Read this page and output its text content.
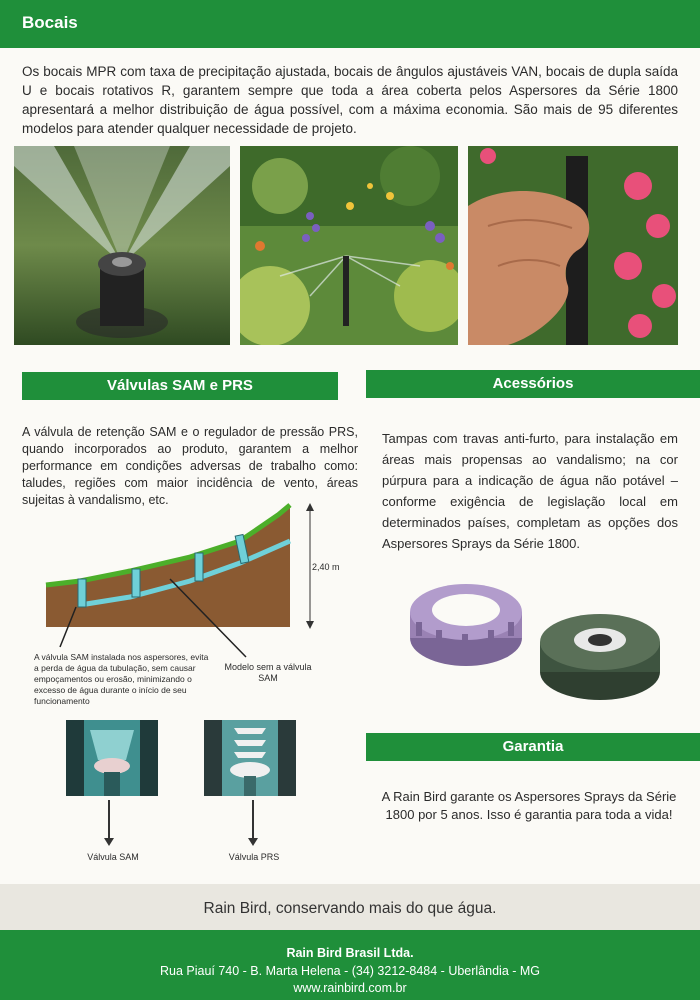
Bocais

Os bocais MPR com taxa de precipitação ajustada, bocais de ângulos ajustáveis VAN, bocais de dupla saída U e bocais rotativos R, garantem sempre que toda a área coberta pelos Aspersores da Série 1800 apresentará a melhor distribuição de água possível, com a máxima economia. São mais de 95 diferentes modelos para atender qualquer necessidade de projeto.

Válvulas SAM e PRS	Acessórios
Garantia

A válvula de retenção SAM e o regulador de pressão PRS, quando incorporados ao produto, garantem a melhor performance em condições adversas de trabalho como: taludes, regiões com maior incidência de vento, áreas sujeitas à vandalismo, etc.

2,40 m

A válvula SAM instalada nos aspersores, evita a perda de água da tubulação, sem causar empoçamentos ou erosão, minimizando o excesso de água durante o início de seu funcionamento

Modelo sem a válvula SAM

Válvula SAM	Válvula PRS

Tampas com travas anti-furto, para instalação em áreas mais propensas ao vandalismo; na cor púrpura para a indicação de água não potável – conforme exigência de legislação local em determinados países, completam as opções dos Aspersores Sprays da Série 1800.

A Rain Bird garante os Aspersores Sprays da Série 1800 por 5 anos. Isso é garantia para toda a vida!

Rain Bird, conservando mais do que água.

Rain Bird Brasil Ltda.

Rua Piauí 740 - B. Marta Helena - (34) 3212-8484 - Uberlândia - MG

www.rainbird.com.br
